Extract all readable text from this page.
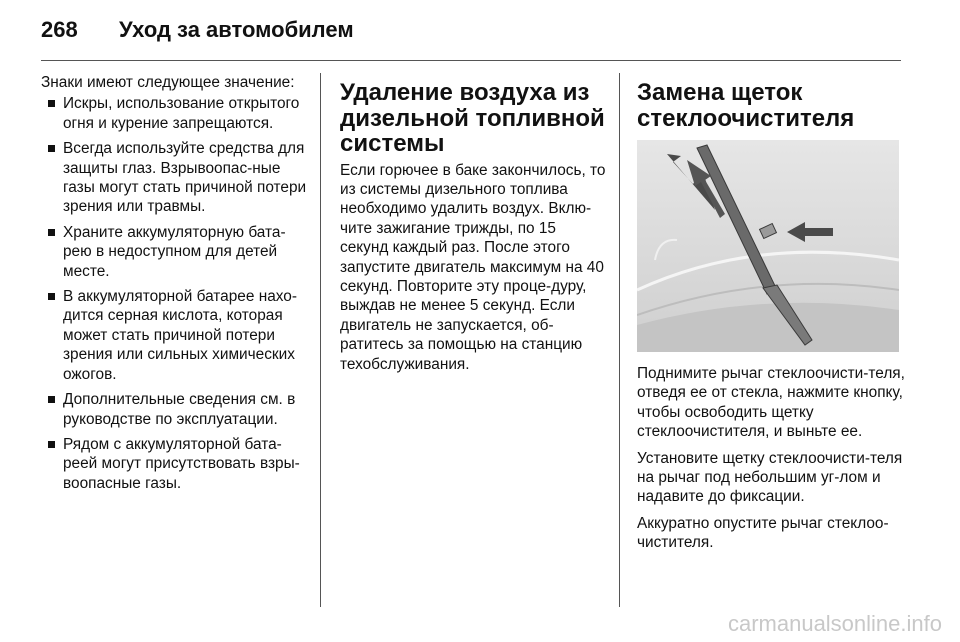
268 Уход за автомобилем

Знаки имеют следующее значение:

Искры, использование открытого огня и курение запрещаются.
Всегда используйте средства для защиты глаз. Взрывоопас-ные газы могут стать причиной потери зрения или травмы.
Храните аккумуляторную бата-рею в недоступном для детей месте.
В аккумуляторной батарее нахо-дится серная кислота, которая может стать причиной потери зрения или сильных химических ожогов.
Дополнительные сведения см. в руководстве по эксплуатации.
Рядом с аккумуляторной бата-реей могут присутствовать взры-воопасные газы.
Удаление воздуха из дизельной топливной системы

Если горючее в баке закончилось, то из системы дизельного топлива необходимо удалить воздух. Вклю-чите зажигание трижды, по 15 секунд каждый раз. После этого запустите двигатель максимум на 40 секунд. Повторите эту проце-дуру, выждав не менее 5 секунд. Если двигатель не запускается, об-ратитесь за помощью на станцию техобслуживания.

Замена щеток стеклоочистителя

Поднимите рычаг стеклоочисти-теля, отведя ее от стекла, нажмите кнопку, чтобы освободить щетку стеклоочистителя, и выньте ее.

Установите щетку стеклоочисти-теля на рычаг под небольшим уг-лом и надавите до фиксации.

Аккуратно опустите рычаг стеклоо-чистителя.

carmanualsonline.info
